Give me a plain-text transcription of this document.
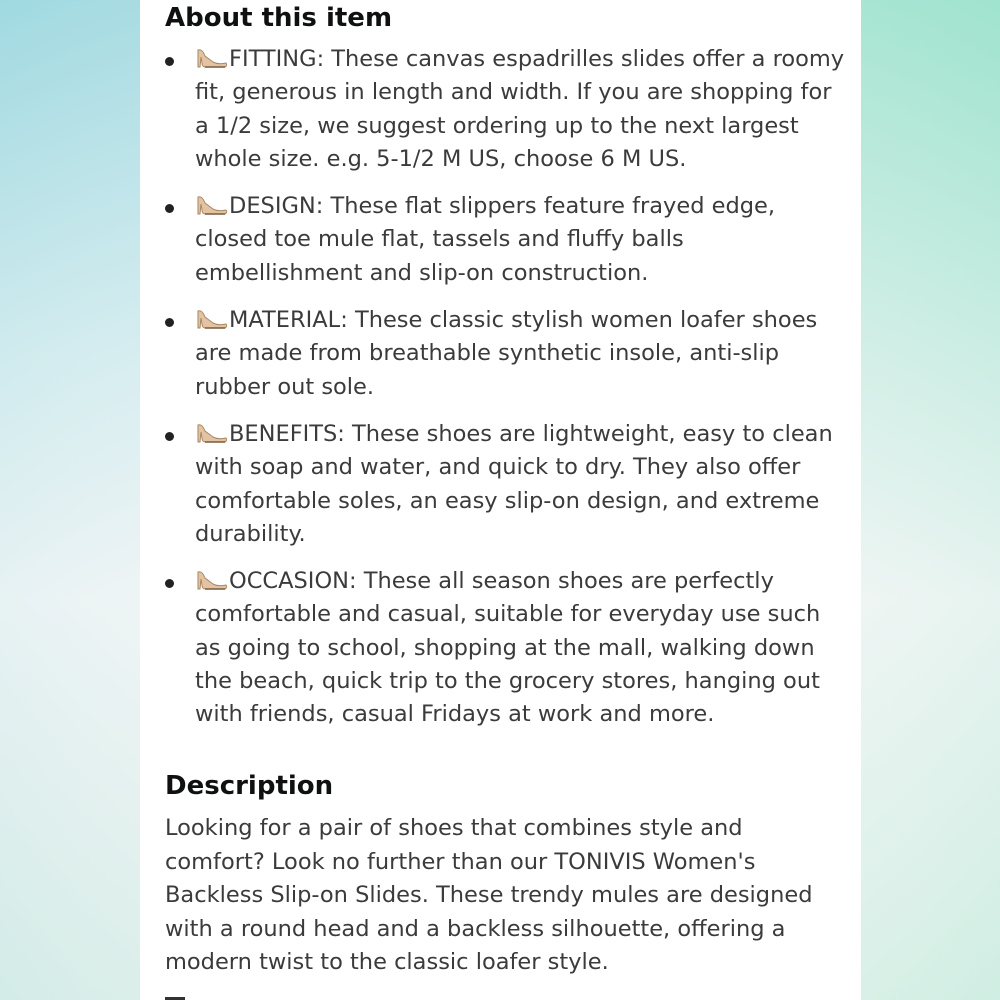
About this item
FITTING: These canvas espadrilles slides offer a roomy fit, generous in length and width. If you are shopping for a 1/2 size, we suggest ordering up to the next largest whole size. e.g. 5-1/2 M US, choose 6 M US.
DESIGN: These flat slippers feature frayed edge, closed toe mule flat, tassels and fluffy balls embellishment and slip-on construction.
MATERIAL: These classic stylish women loafer shoes are made from breathable synthetic insole, anti-slip rubber out sole.
BENEFITS: These shoes are lightweight, easy to clean with soap and water, and quick to dry. They also offer comfortable soles, an easy slip-on design, and extreme durability.
OCCASION: These all season shoes are perfectly comfortable and casual, suitable for everyday use such as going to school, shopping at the mall, walking down the beach, quick trip to the grocery stores, hanging out with friends, casual Fridays at work and more.
Description

Looking for a pair of shoes that combines style and comfort? Look no further than our TONIVIS Women's Backless Slip-on Slides. These trendy mules are designed with a round head and a backless silhouette, offering a modern twist to the classic loafer style.
